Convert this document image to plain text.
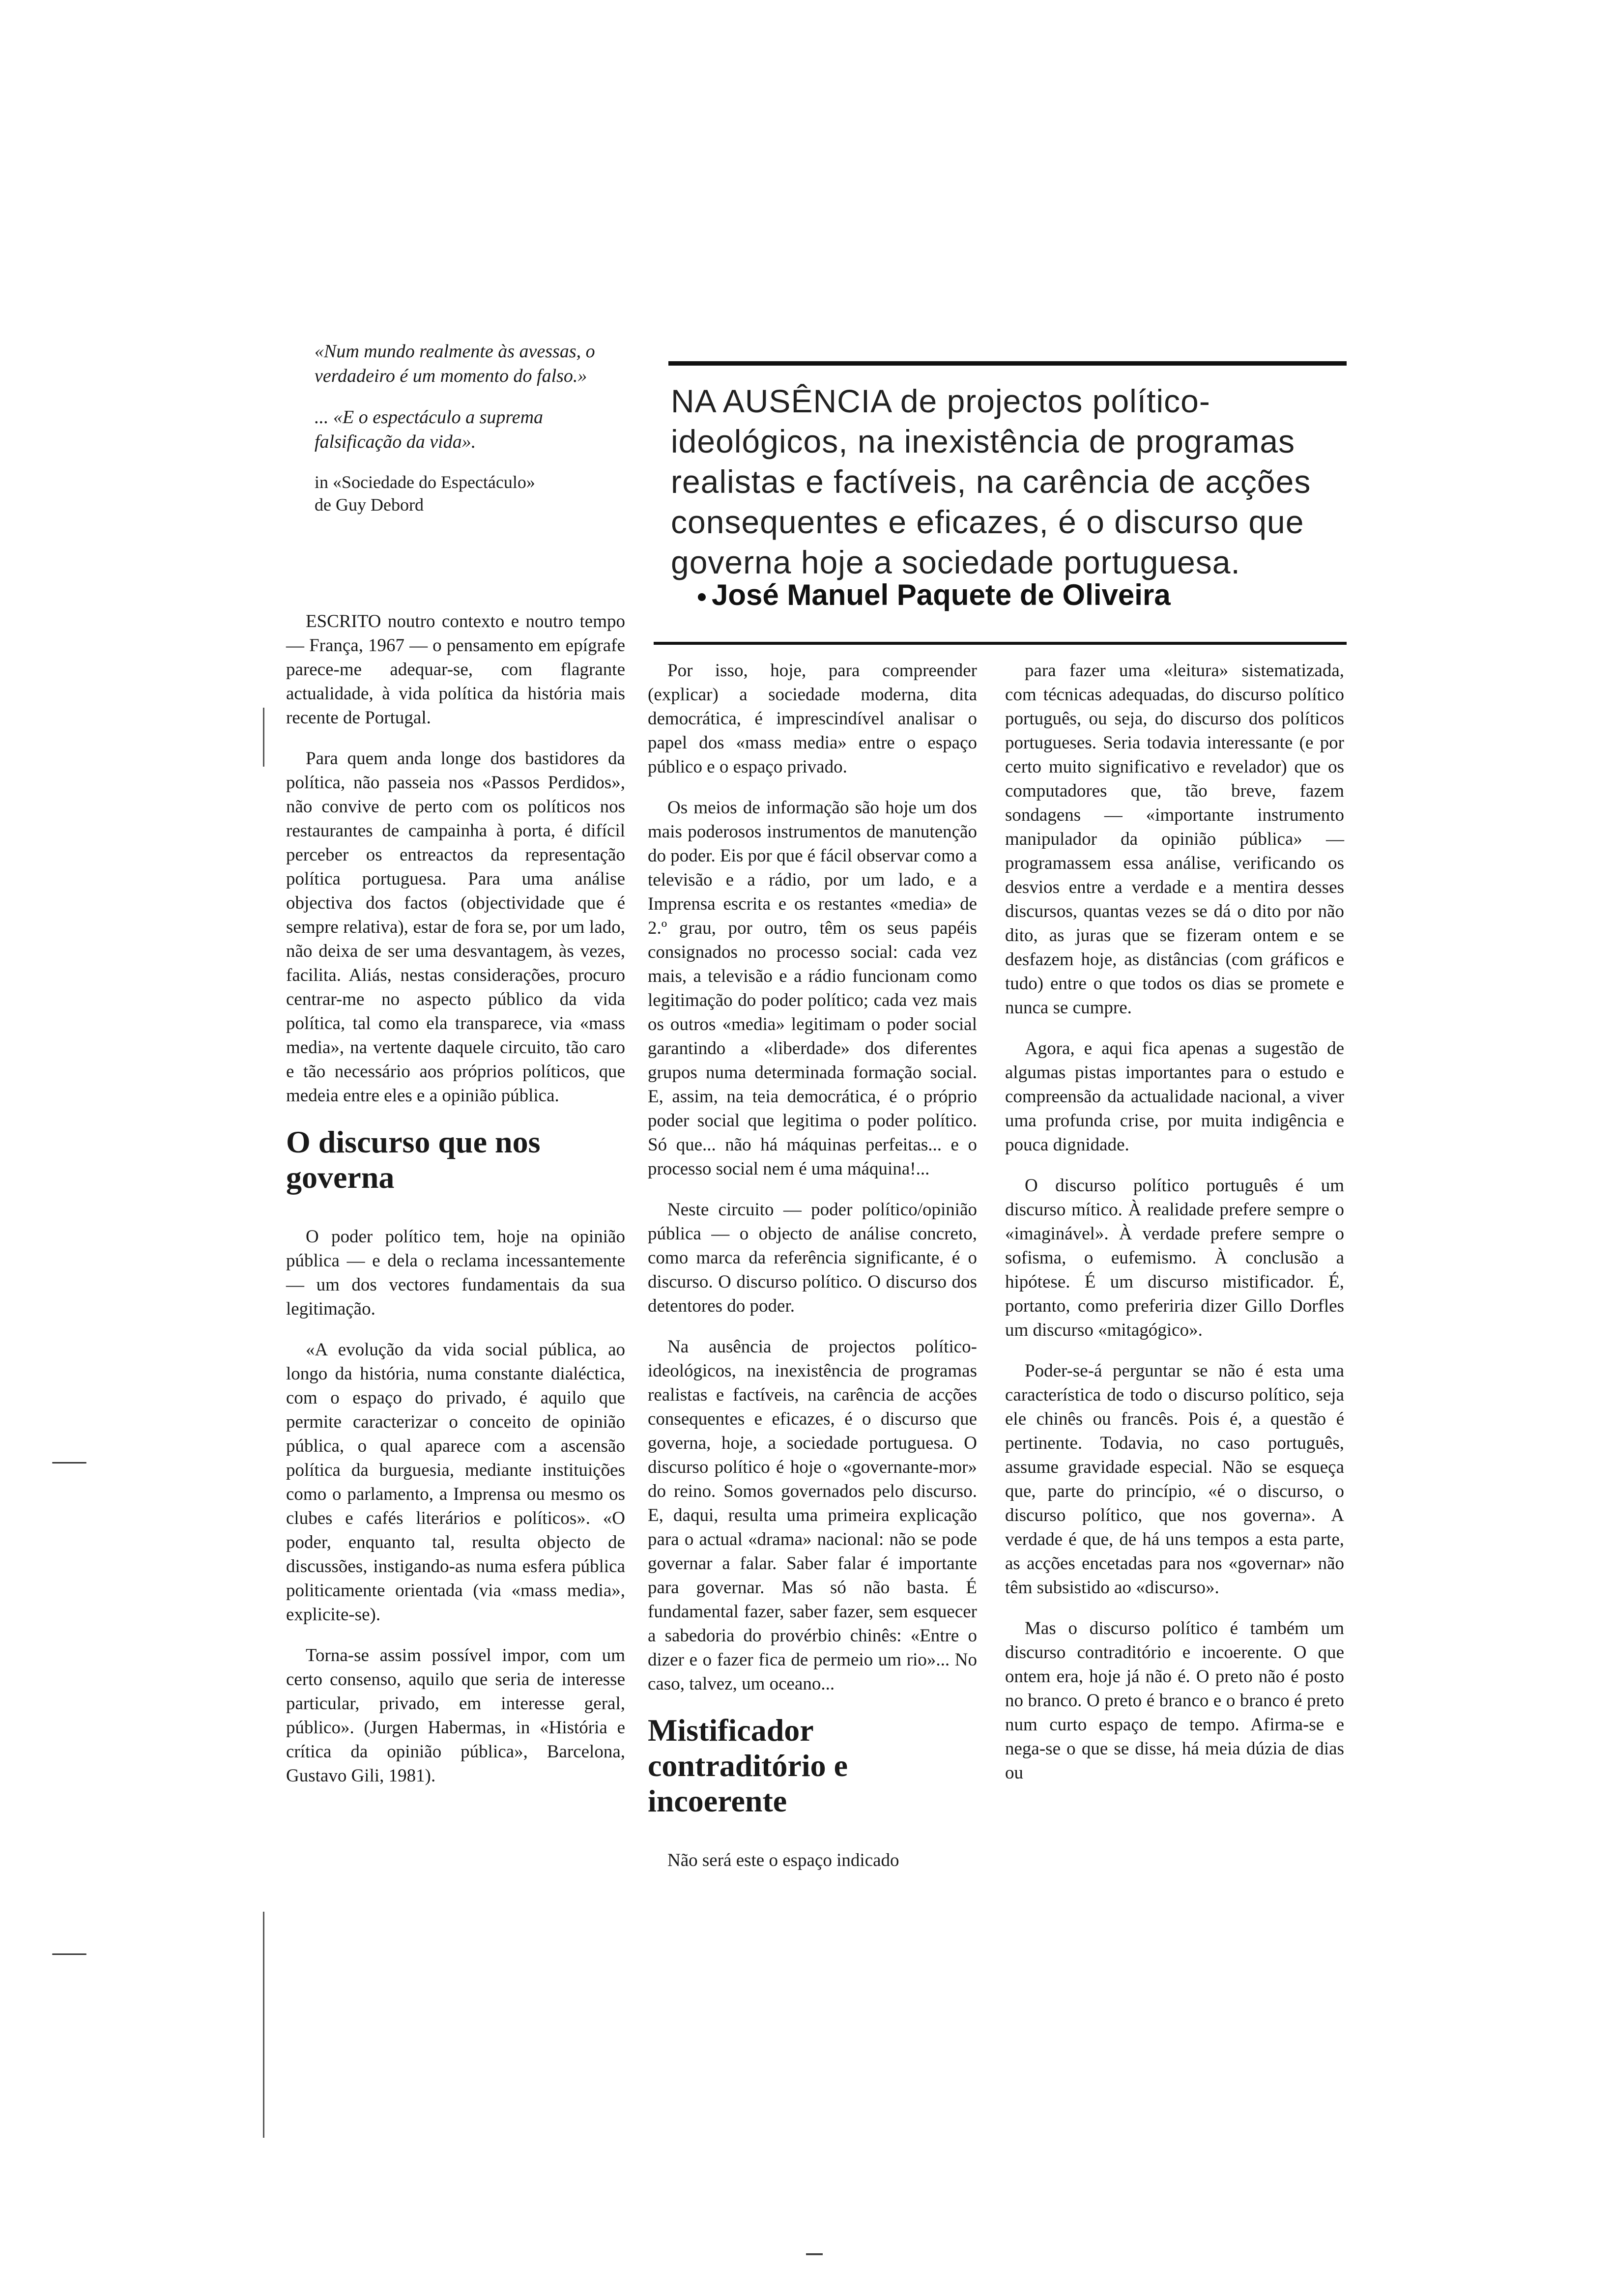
«Num mundo realmente às avessas, o verdadeiro é um momento do falso.»

... «E o espectáculo a suprema falsificação da vida».

in «Sociedade do Espectáculo»

de Guy Debord

NA AUSÊNCIA de projectos político-ideológicos, na inexistência de programas realistas e factíveis, na carência de acções consequentes e eficazes, é o discurso que governa hoje a sociedade portuguesa.
José Manuel Paquete de Oliveira

ESCRITO noutro contexto e noutro tempo — França, 1967 — o pensamento em epígrafe parece-me adequar-se, com flagrante actualidade, à vida política da história mais recente de Portugal.

Para quem anda longe dos bastidores da política, não passeia nos «Passos Perdidos», não convive de perto com os políticos nos restaurantes de campainha à porta, é difícil perceber os entreactos da representação política portuguesa. Para uma análise objectiva dos factos (objectividade que é sempre relativa), estar de fora se, por um lado, não deixa de ser uma desvantagem, às vezes, facilita. Aliás, nestas considerações, procuro centrar-me no aspecto público da vida política, tal como ela transparece, via «mass media», na vertente daquele circuito, tão caro e tão necessário aos próprios políticos, que medeia entre eles e a opinião pública.

O discurso que nos governa

O poder político tem, hoje na opinião pública — e dela o reclama incessantemente — um dos vectores fundamentais da sua legitimação.

«A evolução da vida social pública, ao longo da história, numa constante dialéctica, com o espaço do privado, é aquilo que permite caracterizar o conceito de opinião pública, o qual aparece com a ascensão política da burguesia, mediante instituições como o parlamento, a Imprensa ou mesmo os clubes e cafés literários e políticos». «O poder, enquanto tal, resulta objecto de discussões, instigando-as numa esfera pública politicamente orientada (via «mass media», explicite-se).

Torna-se assim possível impor, com um certo consenso, aquilo que seria de interesse particular, privado, em interesse geral, público». (Jurgen Habermas, in «História e crítica da opinião pública», Barcelona, Gustavo Gili, 1981).

Por isso, hoje, para compreender (explicar) a sociedade moderna, dita democrática, é imprescindível analisar o papel dos «mass media» entre o espaço público e o espaço privado.

Os meios de informação são hoje um dos mais poderosos instrumentos de manutenção do poder. Eis por que é fácil observar como a televisão e a rádio, por um lado, e a Imprensa escrita e os restantes «media» de 2.º grau, por outro, têm os seus papéis consignados no processo social: cada vez mais, a televisão e a rádio funcionam como legitimação do poder político; cada vez mais os outros «media» legitimam o poder social garantindo a «liberdade» dos diferentes grupos numa determinada formação social. E, assim, na teia democrática, é o próprio poder social que legitima o poder político. Só que... não há máquinas perfeitas... e o processo social nem é uma máquina!...

Neste circuito — poder político/opinião pública — o objecto de análise concreto, como marca da referência significante, é o discurso. O discurso político. O discurso dos detentores do poder.

Na ausência de projectos político-ideológicos, na inexistência de programas realistas e factíveis, na carência de acções consequentes e eficazes, é o discurso que governa, hoje, a sociedade portuguesa. O discurso político é hoje o «governante-mor» do reino. Somos governados pelo discurso. E, daqui, resulta uma primeira explicação para o actual «drama» nacional: não se pode governar a falar. Saber falar é importante para governar. Mas só não basta. É fundamental fazer, saber fazer, sem esquecer a sabedoria do provérbio chinês: «Entre o dizer e o fazer fica de permeio um rio»... No caso, talvez, um oceano...

Mistificador contraditório e incoerente

Não será este o espaço indicado

para fazer uma «leitura» sistematizada, com técnicas adequadas, do discurso político português, ou seja, do discurso dos políticos portugueses. Seria todavia interessante (e por certo muito significativo e revelador) que os computadores que, tão breve, fazem sondagens — «importante instrumento manipulador da opinião pública» — programassem essa análise, verificando os desvios entre a verdade e a mentira desses discursos, quantas vezes se dá o dito por não dito, as juras que se fizeram ontem e se desfazem hoje, as distâncias (com gráficos e tudo) entre o que todos os dias se promete e nunca se cumpre.

Agora, e aqui fica apenas a sugestão de algumas pistas importantes para o estudo e compreensão da actualidade nacional, a viver uma profunda crise, por muita indigência e pouca dignidade.

O discurso político português é um discurso mítico. À realidade prefere sempre o «imaginável». À verdade prefere sempre o sofisma, o eufemismo. À conclusão a hipótese. É um discurso mistificador. É, portanto, como preferiria dizer Gillo Dorfles um discurso «mitagógico».

Poder-se-á perguntar se não é esta uma característica de todo o discurso político, seja ele chinês ou francês. Pois é, a questão é pertinente. Todavia, no caso português, assume gravidade especial. Não se esqueça que, parte do princípio, «é o discurso, o discurso político, que nos governa». A verdade é que, de há uns tempos a esta parte, as acções encetadas para nos «governar» não têm subsistido ao «discurso».

Mas o discurso político é também um discurso contraditório e incoerente. O que ontem era, hoje já não é. O preto não é posto no branco. O preto é branco e o branco é preto num curto espaço de tempo. Afirma-se e nega-se o que se disse, há meia dúzia de dias ou
